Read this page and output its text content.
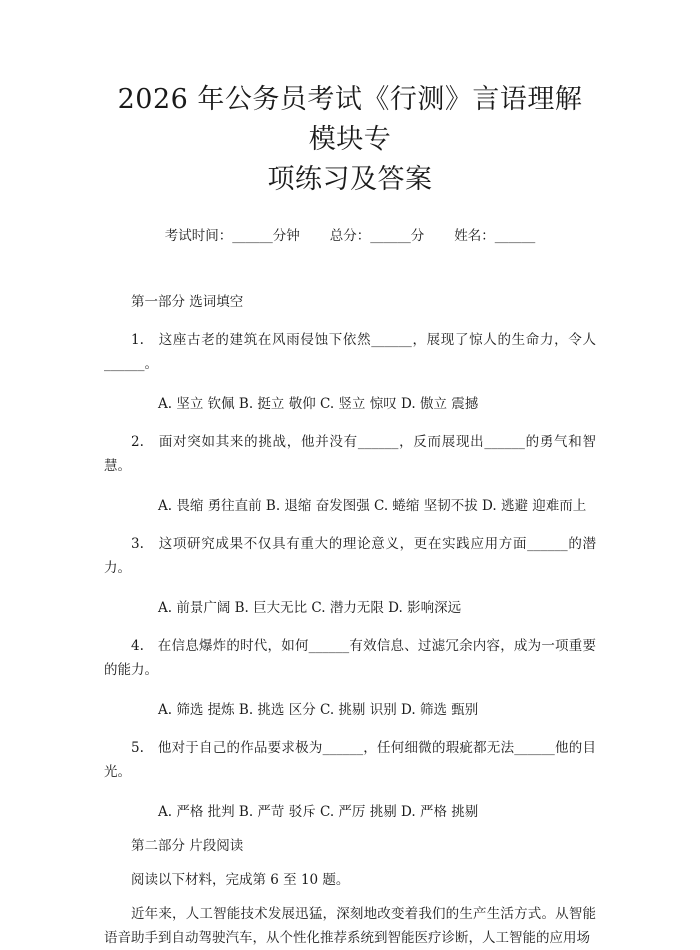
2026 年公务员考试《行测》言语理解模块专
项练习及答案
考试时间：______分钟 总分：______分 姓名：______

第一部分 选词填空

1.　这座古老的建筑在风雨侵蚀下依然______，展现了惊人的生命力，令人______。

A. 坚立 钦佩 B. 挺立 敬仰 C. 竖立 惊叹 D. 傲立 震撼

2.　面对突如其来的挑战，他并没有______，反而展现出______的勇气和智慧。

A. 畏缩 勇往直前 B. 退缩 奋发图强 C. 蜷缩 坚韧不拔 D. 逃避 迎难而上

3.　这项研究成果不仅具有重大的理论意义，更在实践应用方面______的潜力。

A. 前景广阔 B. 巨大无比 C. 潜力无限 D. 影响深远

4.　在信息爆炸的时代，如何______有效信息、过滤冗余内容，成为一项重要的能力。

A. 筛选 提炼 B. 挑选 区分 C. 挑剔 识别 D. 筛选 甄别

5.　他对于自己的作品要求极为______，任何细微的瑕疵都无法______他的目光。

A. 严格 批判 B. 严苛 驳斥 C. 严厉 挑剔 D. 严格 挑剔

第二部分 片段阅读

阅读以下材料，完成第 6 至 10 题。

近年来，人工智能技术发展迅猛，深刻地改变着我们的生产生活方式。从智能语音助手到自动驾驶汽车，从个性化推荐系统到智能医疗诊断，人工智能的应用场
